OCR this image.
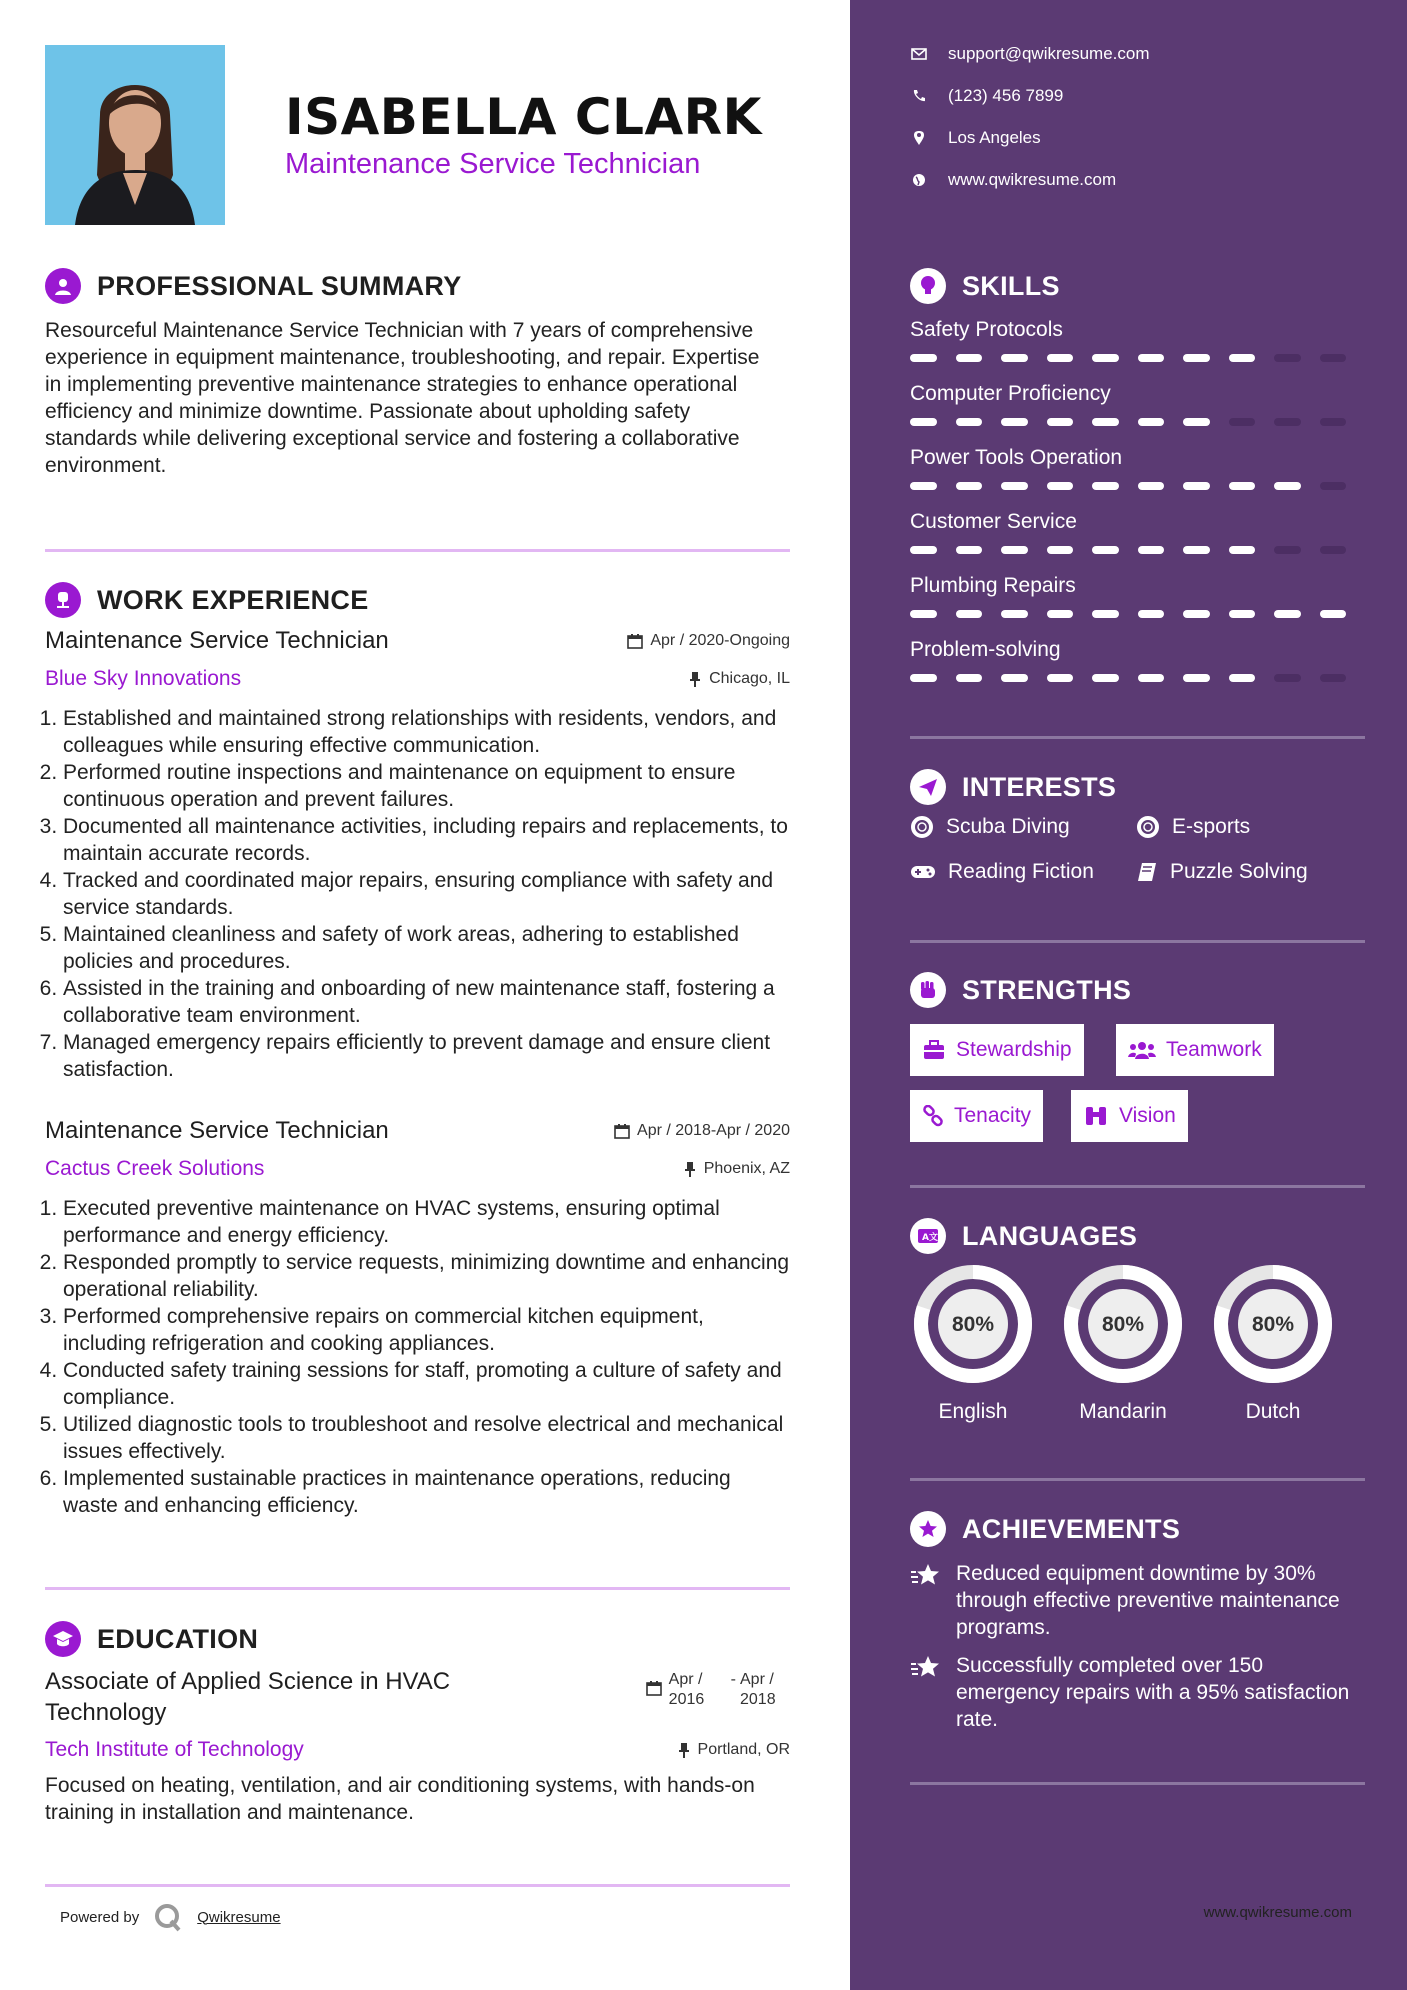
ISABELLA CLARK
Maintenance Service Technician
PROFESSIONAL SUMMARY
Resourceful Maintenance Service Technician with 7 years of comprehensive experience in equipment maintenance, troubleshooting, and repair. Expertise in implementing preventive maintenance strategies to enhance operational efficiency and minimize downtime. Passionate about upholding safety standards while delivering exceptional service and fostering a collaborative environment.
WORK EXPERIENCE
Maintenance Service Technician	Apr / 2020-Ongoing
Blue Sky Innovations	Chicago, IL
1. Established and maintained strong relationships with residents, vendors, and colleagues while ensuring effective communication.
2. Performed routine inspections and maintenance on equipment to ensure continuous operation and prevent failures.
3. Documented all maintenance activities, including repairs and replacements, to maintain accurate records.
4. Tracked and coordinated major repairs, ensuring compliance with safety and service standards.
5. Maintained cleanliness and safety of work areas, adhering to established policies and procedures.
6. Assisted in the training and onboarding of new maintenance staff, fostering a collaborative team environment.
7. Managed emergency repairs efficiently to prevent damage and ensure client satisfaction.
Maintenance Service Technician	Apr / 2018-Apr / 2020
Cactus Creek Solutions	Phoenix, AZ
1. Executed preventive maintenance on HVAC systems, ensuring optimal performance and energy efficiency.
2. Responded promptly to service requests, minimizing downtime and enhancing operational reliability.
3. Performed comprehensive repairs on commercial kitchen equipment, including refrigeration and cooking appliances.
4. Conducted safety training sessions for staff, promoting a culture of safety and compliance.
5. Utilized diagnostic tools to troubleshoot and resolve electrical and mechanical issues effectively.
6. Implemented sustainable practices in maintenance operations, reducing waste and enhancing efficiency.
EDUCATION
Associate of Applied Science in HVAC Technology
Apr / 2016
- Apr / 2018
Tech Institute of Technology	Portland, OR
Focused on heating, ventilation, and air conditioning systems, with hands-on training in installation and maintenance.
Powered by	Qwikresume
support@qwikresume.com
(123) 456 7899
Los Angeles
www.qwikresume.com
SKILLS
Safety Protocols
Computer Proficiency
Power Tools Operation
Customer Service
Plumbing Repairs
Problem-solving
INTERESTS
Scuba Diving	E-sports
Reading Fiction	Puzzle Solving
STRENGTHS
Stewardship	Teamwork
Tenacity	Vision
A 文 LANGUAGES
80%
English
80%
Mandarin
80%
Dutch
ACHIEVEMENTS
Reduced equipment downtime by 30% through effective preventive maintenance programs.
Successfully completed over 150 emergency repairs with a 95% satisfaction rate.
www.qwikresume.com
